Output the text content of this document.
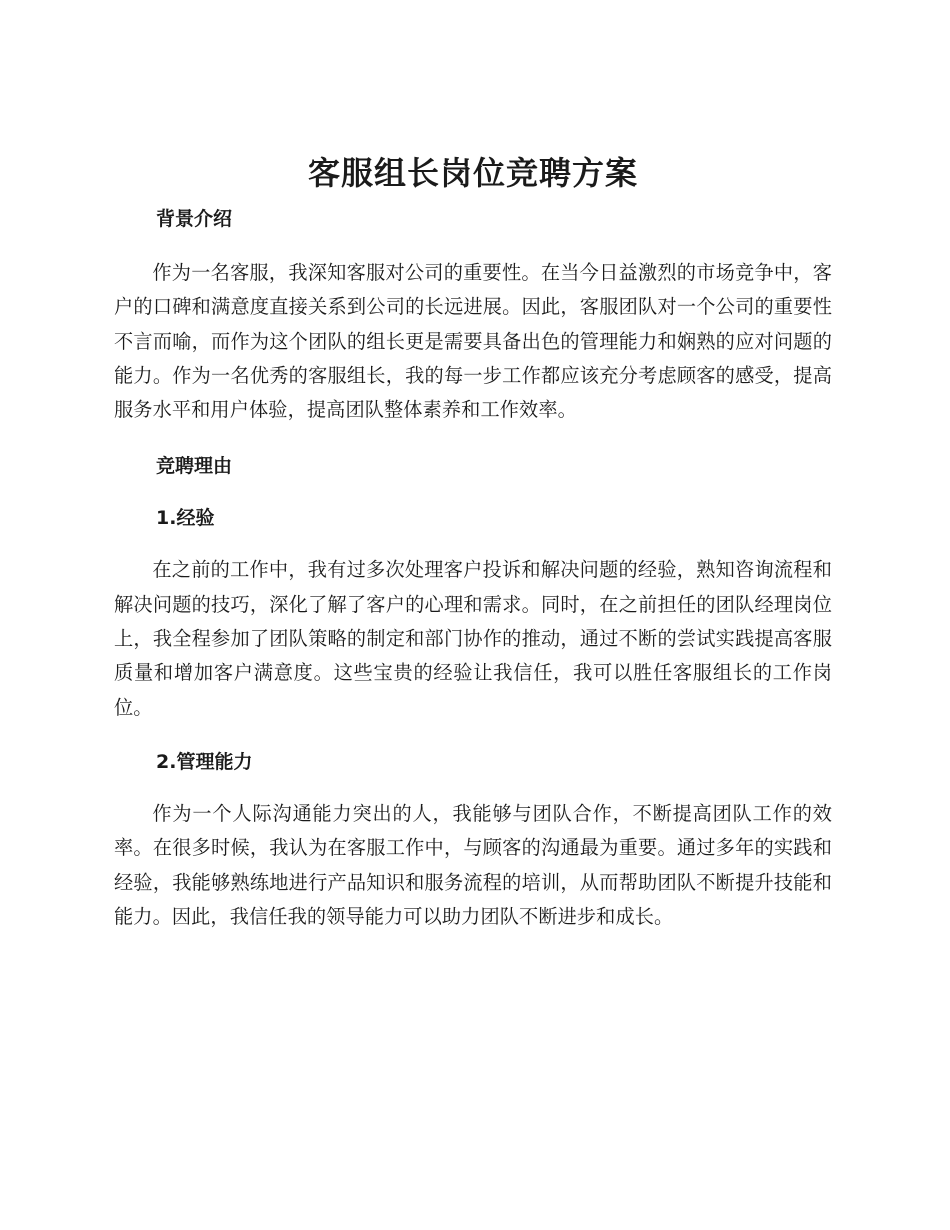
客服组长岗位竞聘方案
背景介绍

作为一名客服，我深知客服对公司的重要性。在当今日益激烈的市场竞争中，客户的口碑和满意度直接关系到公司的长远进展。因此，客服团队对一个公司的重要性不言而喻，而作为这个团队的组长更是需要具备出色的管理能力和娴熟的应对问题的能力。作为一名优秀的客服组长，我的每一步工作都应该充分考虑顾客的感受，提高服务水平和用户体验，提高团队整体素养和工作效率。

竞聘理由
1.经验

在之前的工作中，我有过多次处理客户投诉和解决问题的经验，熟知咨询流程和解决问题的技巧，深化了解了客户的心理和需求。同时，在之前担任的团队经理岗位上，我全程参加了团队策略的制定和部门协作的推动，通过不断的尝试实践提高客服质量和增加客户满意度。这些宝贵的经验让我信任，我可以胜任客服组长的工作岗位。

2.管理能力

作为一个人际沟通能力突出的人，我能够与团队合作，不断提高团队工作的效率。在很多时候，我认为在客服工作中，与顾客的沟通最为重要。通过多年的实践和经验，我能够熟练地进行产品知识和服务流程的培训，从而帮助团队不断提升技能和能力。因此，我信任我的领导能力可以助力团队不断进步和成长。
